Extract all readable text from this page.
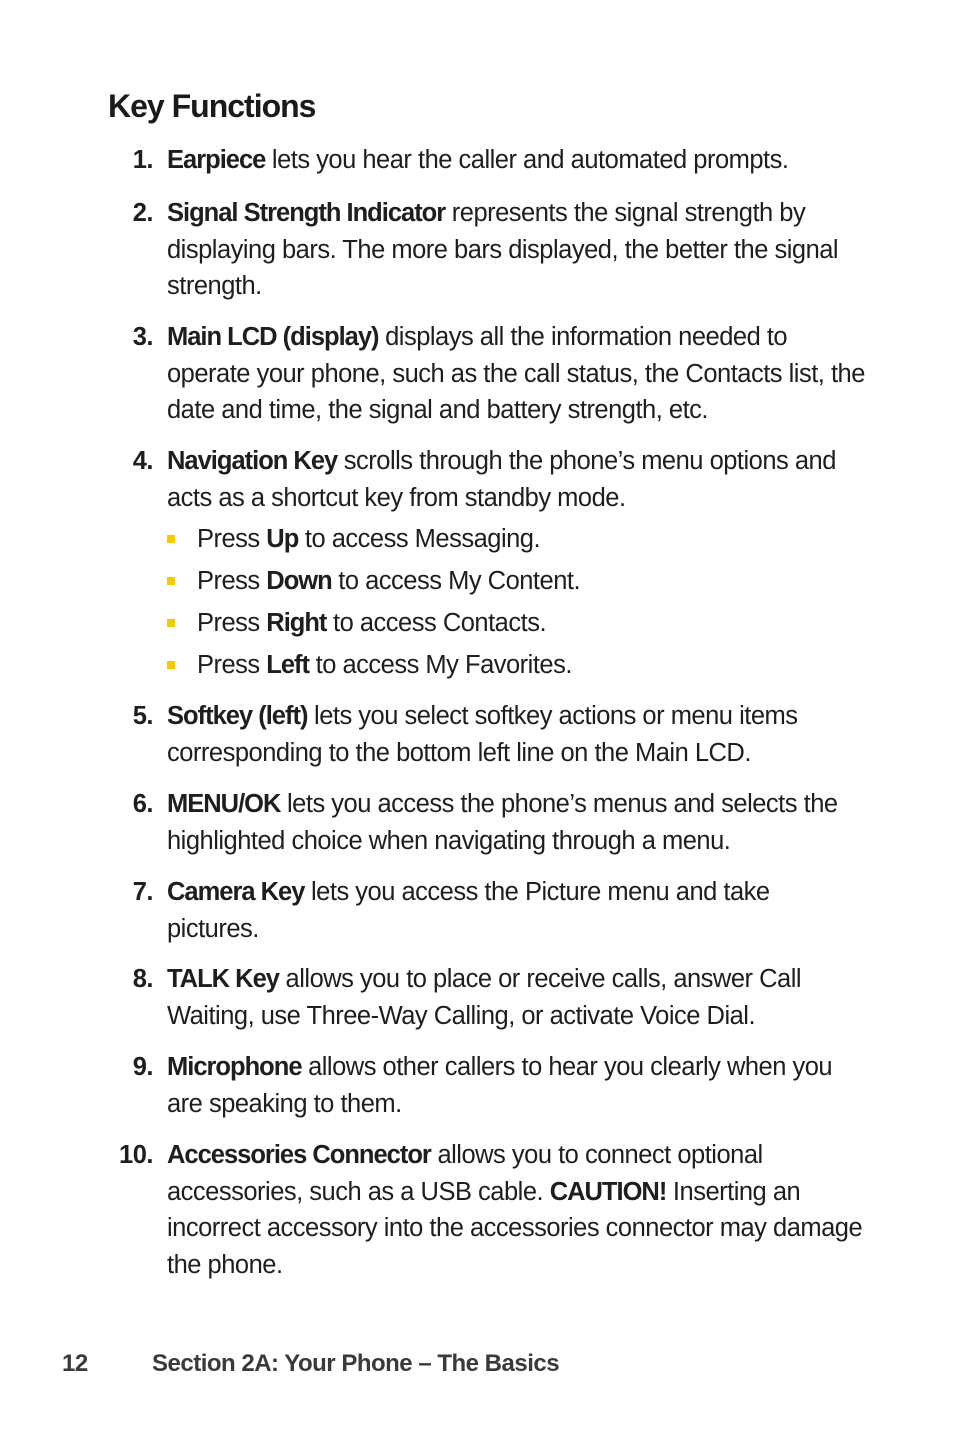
Key Functions
1. Earpiece lets you hear the caller and automated prompts.
2. Signal Strength Indicator represents the signal strength by displaying bars. The more bars displayed, the better the signal strength.
3. Main LCD (display) displays all the information needed to operate your phone, such as the call status, the Contacts list, the date and time, the signal and battery strength, etc.
4. Navigation Key scrolls through the phone’s menu options and acts as a shortcut key from standby mode.
Press Up to access Messaging.
Press Down to access My Content.
Press Right to access Contacts.
Press Left to access My Favorites.
5. Softkey (left) lets you select softkey actions or menu items corresponding to the bottom left line on the Main LCD.
6. MENU/OK lets you access the phone’s menus and selects the highlighted choice when navigating through a menu.
7. Camera Key lets you access the Picture menu and take pictures.
8. TALK Key allows you to place or receive calls, answer Call Waiting, use Three-Way Calling, or activate Voice Dial.
9. Microphone allows other callers to hear you clearly when you are speaking to them.
10. Accessories Connector allows you to connect optional accessories, such as a USB cable. CAUTION! Inserting an incorrect accessory into the accessories connector may damage the phone.
12	Section 2A: Your Phone – The Basics
